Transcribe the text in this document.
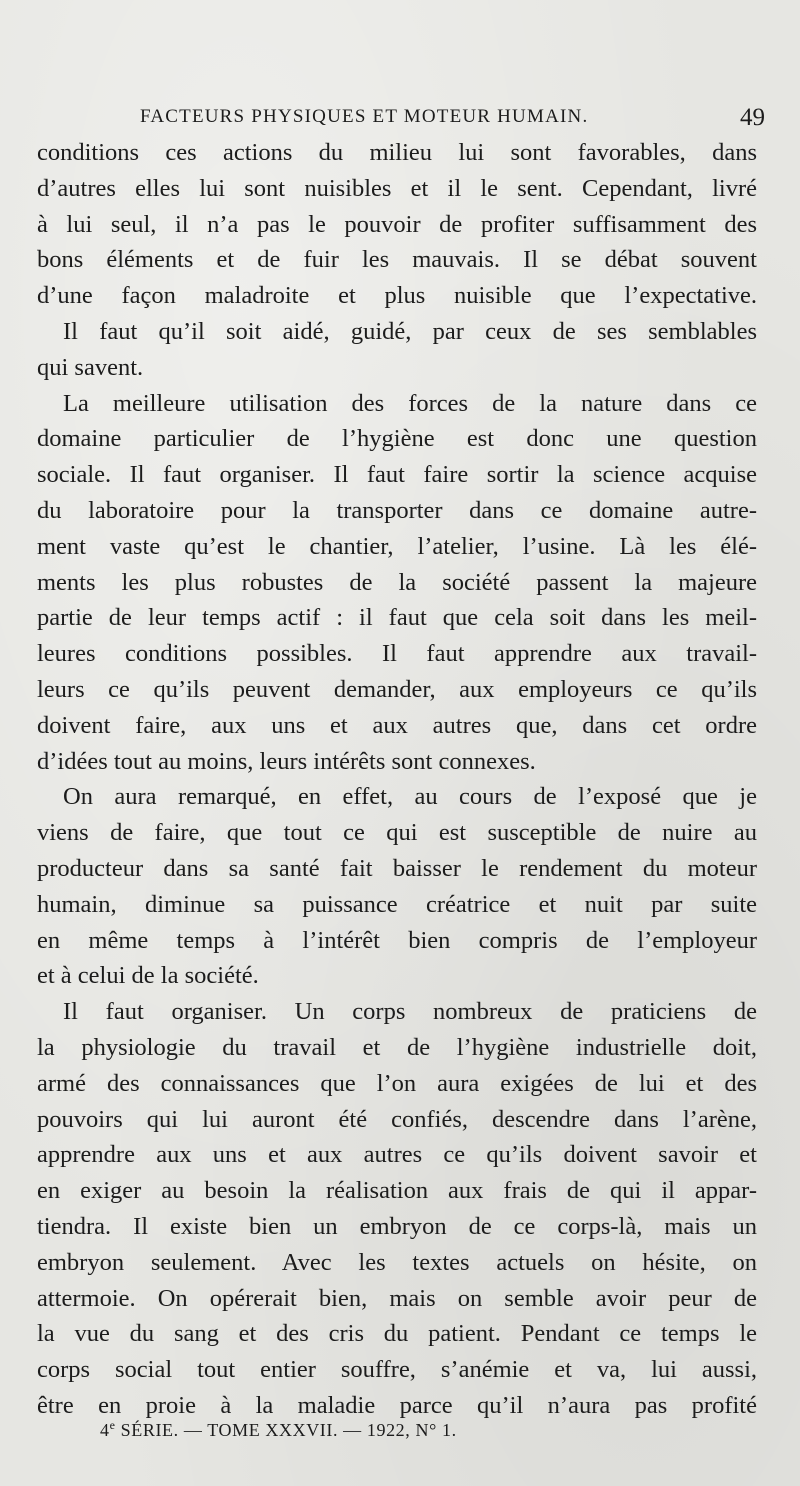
FACTEURS PHYSIQUES ET MOTEUR HUMAIN.	49
conditions ces actions du milieu lui sont favorables, dans
d’autres elles lui sont nuisibles et il le sent. Cependant, livré
à lui seul, il n’a pas le pouvoir de profiter suffisamment des
bons éléments et de fuir les mauvais. Il se débat souvent
d’une façon maladroite et plus nuisible que l’expectative.
Il faut qu’il soit aidé, guidé, par ceux de ses semblables
qui savent.
La meilleure utilisation des forces de la nature dans ce
domaine particulier de l’hygiène est donc une question
sociale. Il faut organiser. Il faut faire sortir la science acquise
du laboratoire pour la transporter dans ce domaine autre-
ment vaste qu’est le chantier, l’atelier, l’usine. Là les élé-
ments les plus robustes de la société passent la majeure
partie de leur temps actif : il faut que cela soit dans les meil-
leures conditions possibles. Il faut apprendre aux travail-
leurs ce qu’ils peuvent demander, aux employeurs ce qu’ils
doivent faire, aux uns et aux autres que, dans cet ordre
d’idées tout au moins, leurs intérêts sont connexes.
On aura remarqué, en effet, au cours de l’exposé que je
viens de faire, que tout ce qui est susceptible de nuire au
producteur dans sa santé fait baisser le rendement du moteur
humain, diminue sa puissance créatrice et nuit par suite
en même temps à l’intérêt bien compris de l’employeur
et à celui de la société.
Il faut organiser. Un corps nombreux de praticiens de
la physiologie du travail et de l’hygiène industrielle doit,
armé des connaissances que l’on aura exigées de lui et des
pouvoirs qui lui auront été confiés, descendre dans l’arène,
apprendre aux uns et aux autres ce qu’ils doivent savoir et
en exiger au besoin la réalisation aux frais de qui il appar-
tiendra. Il existe bien un embryon de ce corps-là, mais un
embryon seulement. Avec les textes actuels on hésite, on
attermoie. On opérerait bien, mais on semble avoir peur de
la vue du sang et des cris du patient. Pendant ce temps le
corps social tout entier souffre, s’anémie et va, lui aussi,
être en proie à la maladie parce qu’il n’aura pas profité
4e SÉRIE. — TOME XXXVII. — 1922, N° 1.
